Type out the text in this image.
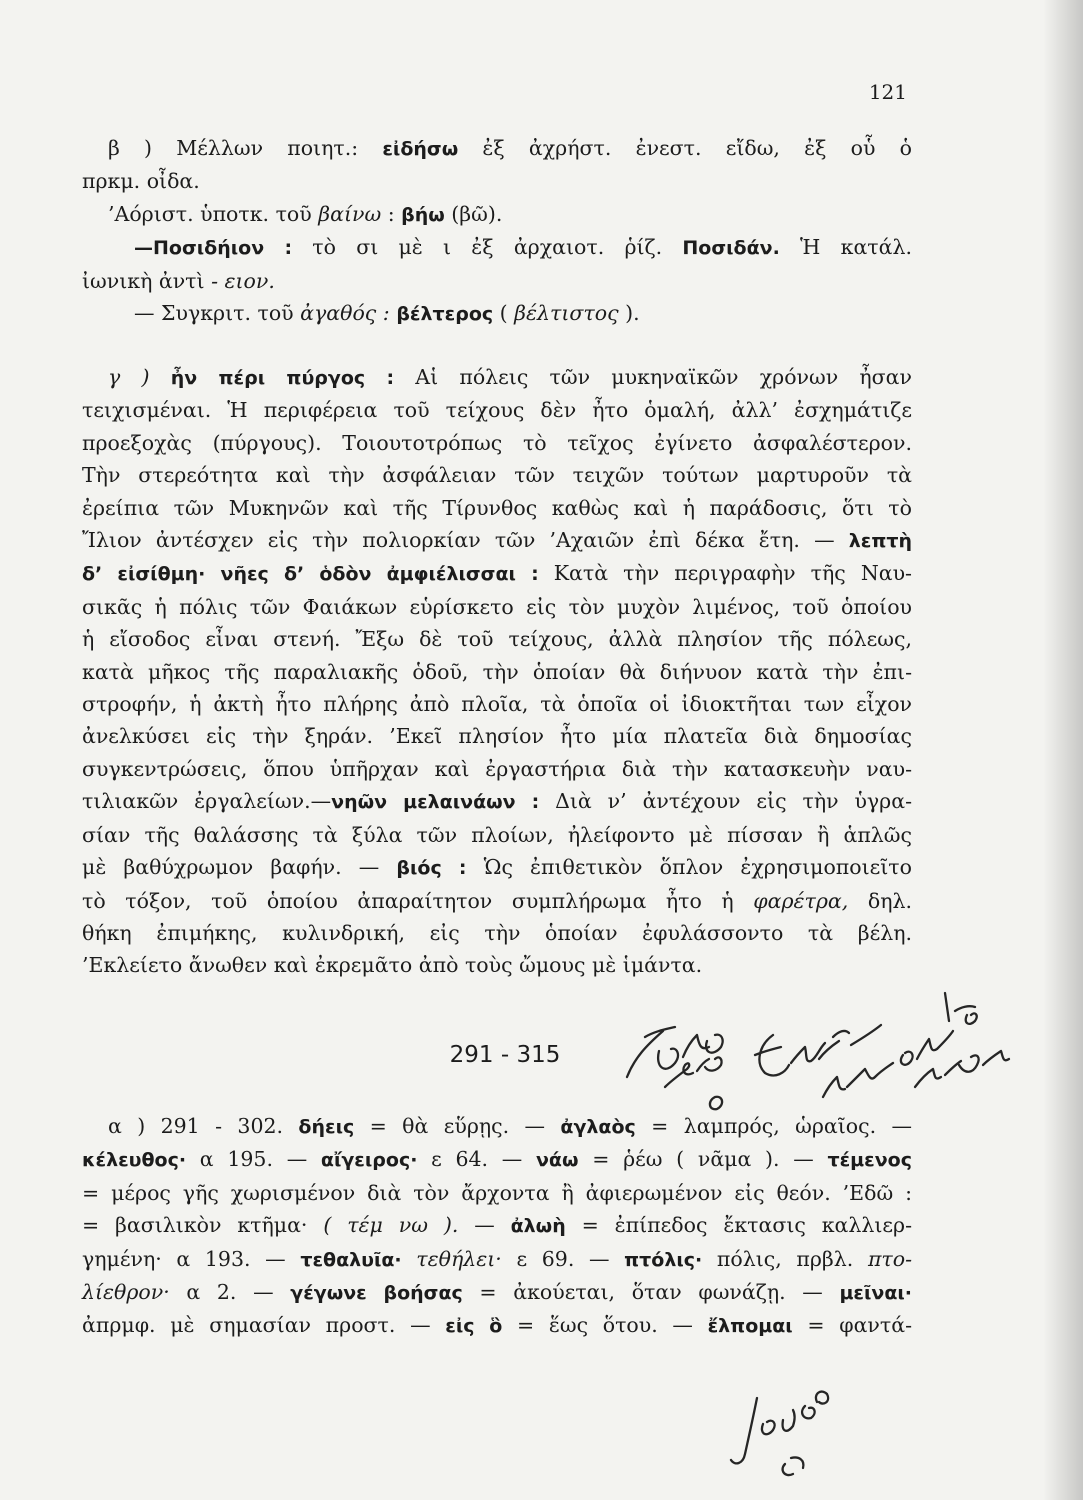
121
β ) Μέλλων ποιητ.: εἰδήσω ἐξ ἀχρήστ. ἐνεστ. εἴδω, ἐξ οὗ ὁ
πρκμ. οἶδα.
’Αόριστ. ὑποτκ. τοῦ βαίνω : βήω (βῶ).
—Ποσιδήιον : τὸ σι μὲ ι ἐξ ἀρχαιοτ. ῥίζ. Ποσιδάν. Ἡ κατάλ.
ἰωνικὴ ἀντὶ - ειον.
— Συγκριτ. τοῦ ἀγαθός : βέλτερος ( βέλτιστος ).
γ ) ἦν πέρι πύργος : Αἱ πόλεις τῶν μυκηναϊκῶν χρόνων ἦσαν
τειχισμέναι. Ἡ περιφέρεια τοῦ τείχους δὲν ἦτο ὁμαλή, ἀλλ’ ἐσχημάτιζε
προεξοχὰς (πύργους). Τοιουτοτρόπως τὸ τεῖχος ἐγίνετο ἀσφαλέστερον.
Τὴν στερεότητα καὶ τὴν ἀσφάλειαν τῶν τειχῶν τούτων μαρτυροῦν τὰ
ἐρείπια τῶν Μυκηνῶν καὶ τῆς Τίρυνθος καθὼς καὶ ἡ παράδοσις, ὅτι τὸ
Ἴλιον ἀντέσχεν εἰς τὴν πολιορκίαν τῶν ’Αχαιῶν ἐπὶ δέκα ἔτη. — λεπτὴ
δ’ εἰσίθμη· νῆες δ’ ὁδὸν ἀμφιέλισσαι : Κατὰ τὴν περιγραφὴν τῆς Ναυ-
σικᾶς ἡ πόλις τῶν Φαιάκων εὑρίσκετο εἰς τὸν μυχὸν λιμένος, τοῦ ὁποίου
ἡ εἴσοδος εἶναι στενή. Ἔξω δὲ τοῦ τείχους, ἀλλὰ πλησίον τῆς πόλεως,
κατὰ μῆκος τῆς παραλιακῆς ὁδοῦ, τὴν ὁποίαν θὰ διήνυον κατὰ τὴν ἐπι-
στροφήν, ἡ ἀκτὴ ἦτο πλήρης ἀπὸ πλοῖα, τὰ ὁποῖα οἱ ἰδιοκτῆται των εἶχον
ἀνελκύσει εἰς τὴν ξηράν. ’Εκεῖ πλησίον ἦτο μία πλατεῖα διὰ δημοσίας
συγκεντρώσεις, ὅπου ὑπῆρχαν καὶ ἐργαστήρια διὰ τὴν κατασκευὴν ναυ-
τιλιακῶν ἐργαλείων.—νηῶν μελαινάων : Διὰ ν’ ἀντέχουν εἰς τὴν ὑγρα-
σίαν τῆς θαλάσσης τὰ ξύλα τῶν πλοίων, ἠλείφοντο μὲ πίσσαν ἢ ἁπλῶς
μὲ βαθύχρωμον βαφήν. — βιός : Ὡς ἐπιθετικὸν ὅπλον ἐχρησιμοποιεῖτο
τὸ τόξον, τοῦ ὁποίου ἀπαραίτητον συμπλήρωμα ἦτο ἡ φαρέτρα, δηλ.
θήκη ἐπιμήκης, κυλινδρική, εἰς τὴν ὁποίαν ἐφυλάσσοντο τὰ βέλη.
’Εκλείετο ἄνωθεν καὶ ἐκρεμᾶτο ἀπὸ τοὺς ὤμους μὲ ἱμάντα.
291 - 315
α ) 291 - 302. δήεις = θὰ εὕρῃς. — ἀγλαὸς = λαμπρός, ὡραῖος. —
κέλευθος· α 195. — αἴγειρος· ε 64. — νάω = ῥέω ( νᾶμα ). — τέμενος
= μέρος γῆς χωρισμένον διὰ τὸν ἄρχοντα ἢ ἀφιερωμένον εἰς θεόν. ’Εδῶ :
= βασιλικὸν κτῆμα· ( τέμ νω ). — ἀλωὴ = ἐπίπεδος ἔκτασις καλλιερ-
γημένη· α 193. — τεθαλυῖα· τεθήλει· ε 69. — πτόλις· πόλις, πρβλ. πτο-
λίεθρον· α 2. — γέγωνε βοήσας = ἀκούεται, ὅταν φωνάζῃ. — μεῖναι·
ἀπρμφ. μὲ σημασίαν προστ. — εἰς ὃ = ἕως ὅτου. — ἔλπομαι = φαντά-
